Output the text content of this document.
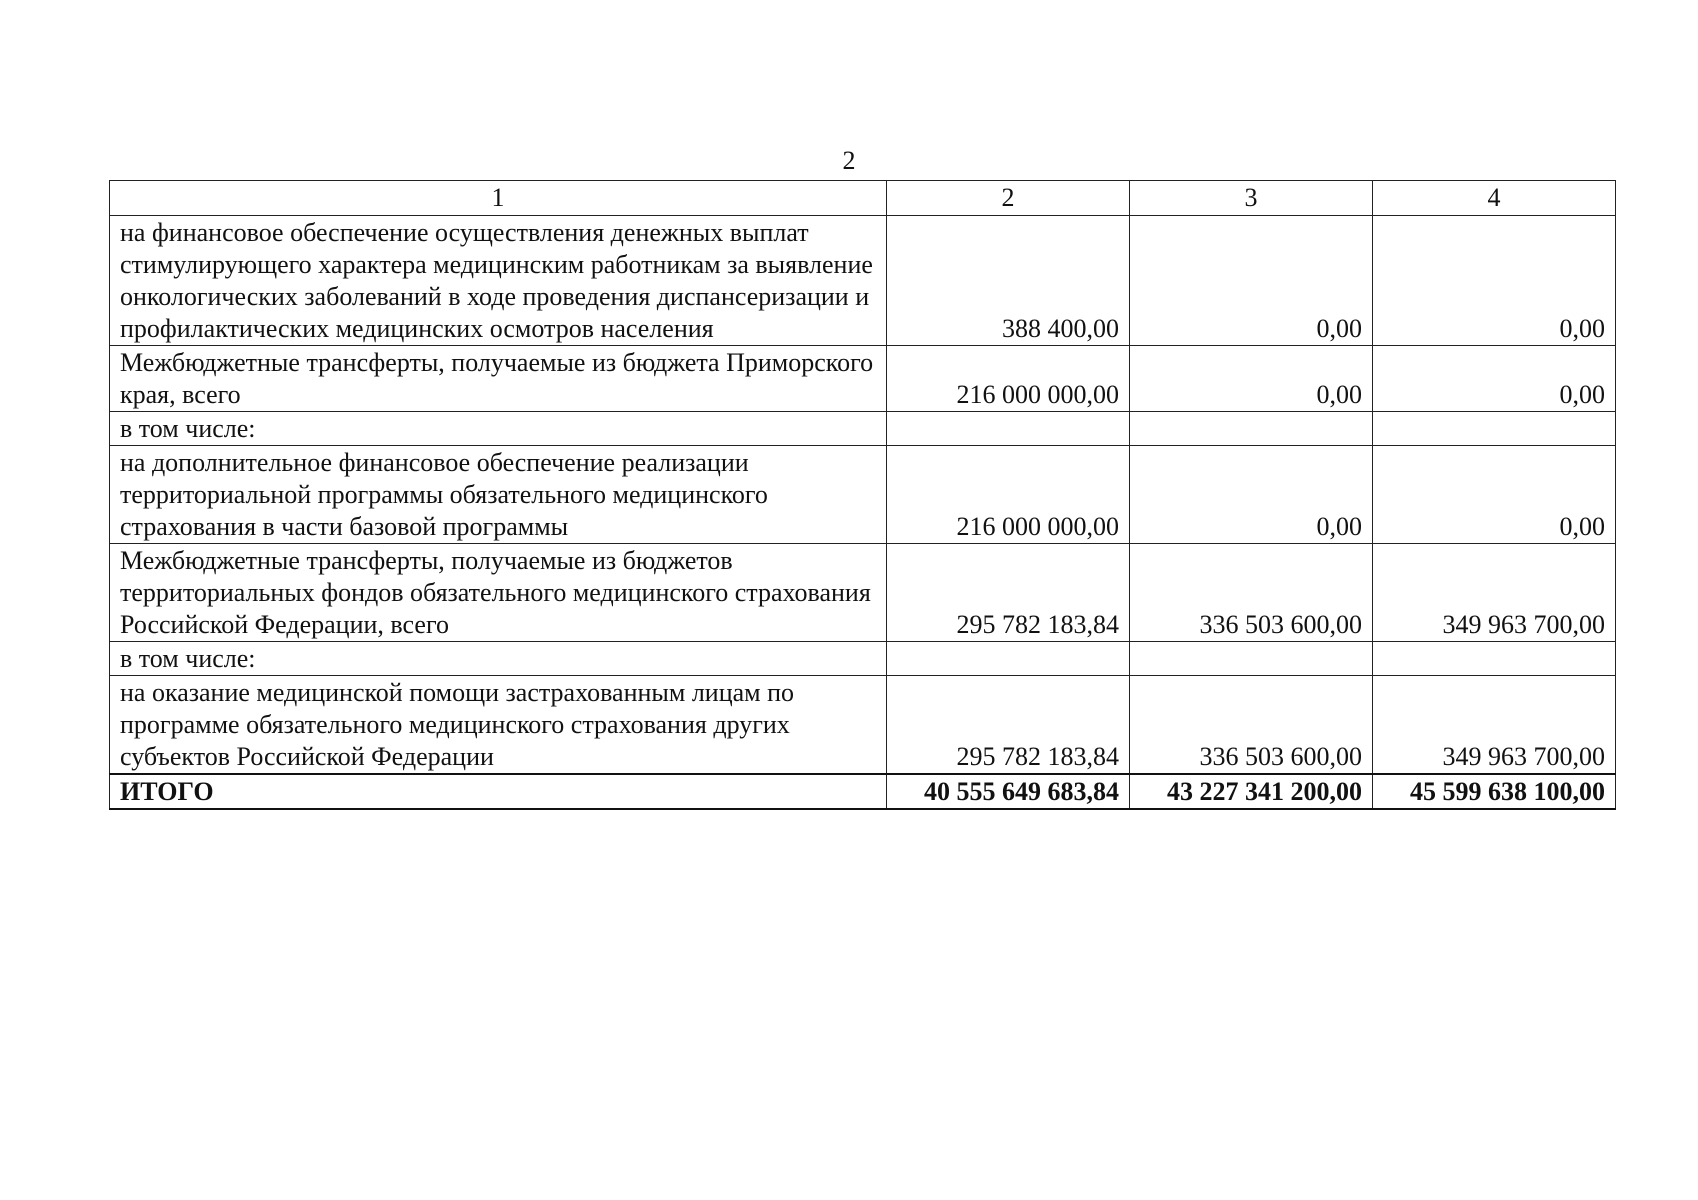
2
1	2	3	4
на финансовое обеспечение осуществления денежных выплат стимулирующего характера медицинским работникам за выявление онкологических заболеваний в ходе проведения диспансеризации и профилактических медицинских осмотров населения	388 400,00	0,00	0,00
Межбюджетные трансферты, получаемые из бюджета Приморского края, всего	216 000 000,00	0,00	0,00
в том числе:			
на дополнительное финансовое обеспечение реализации территориальной программы обязательного медицинского страхования в части базовой программы	216 000 000,00	0,00	0,00
Межбюджетные трансферты, получаемые из бюджетов территориальных фондов обязательного медицинского страхования Российской Федерации, всего	295 782 183,84	336 503 600,00	349 963 700,00
в том числе:			
на оказание медицинской помощи застрахованным лицам по программе обязательного медицинского страхования других субъектов Российской Федерации	295 782 183,84	336 503 600,00	349 963 700,00
ИТОГО	40 555 649 683,84	43 227 341 200,00	45 599 638 100,00
